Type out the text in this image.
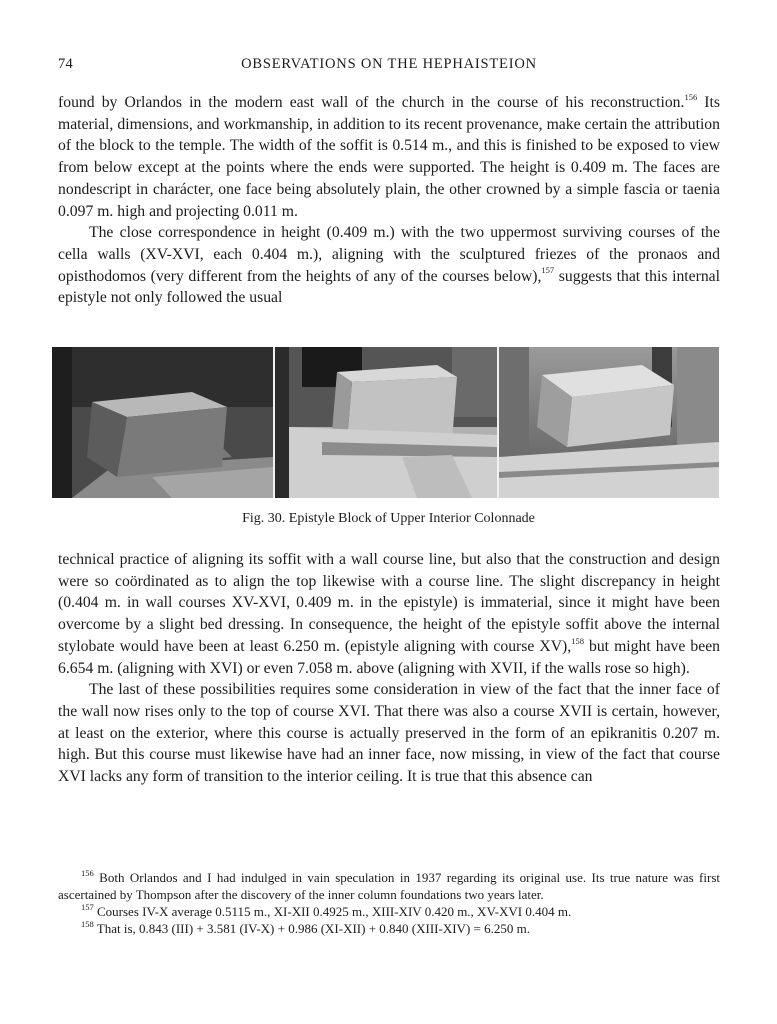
74	OBSERVATIONS ON THE HEPHAISTEION

found by Orlandos in the modern east wall of the church in the course of his reconstruction.$^{156}$ Its material, dimensions, and workmanship, in addition to its recent provenance, make certain the attribution of the block to the temple. The width of the soffit is 0.514 m., and this is finished to be exposed to view from below except at the points where the ends were supported. The height is 0.409 m. The faces are nondescript in charácter, one face being absolutely plain, the other crowned by a simple fascia or taenia 0.097 m. high and projecting 0.011 m.

The close correspondence in height (0.409 m.) with the two uppermost surviving courses of the cella walls (XV-XVI, each 0.404 m.), aligning with the sculptured friezes of the pronaos and opisthodomos (very different from the heights of any of the courses below),$^{157}$ suggests that this internal epistyle not only followed the usual

Fig. 30. Epistyle Block of Upper Interior Colonnade

technical practice of aligning its soffit with a wall course line, but also that the construction and design were so coördinated as to align the top likewise with a course line. The slight discrepancy in height (0.404 m. in wall courses XV-XVI, 0.409 m. in the epistyle) is immaterial, since it might have been overcome by a slight bed dressing. In consequence, the height of the epistyle soffit above the internal stylobate would have been at least 6.250 m. (epistyle aligning with course XV),$^{158}$ but might have been 6.654 m. (aligning with XVI) or even 7.058 m. above (aligning with XVII, if the walls rose so high).

The last of these possibilities requires some consideration in view of the fact that the inner face of the wall now rises only to the top of course XVI. That there was also a course XVII is certain, however, at least on the exterior, where this course is actually preserved in the form of an epikranitis 0.207 m. high. But this course must likewise have had an inner face, now missing, in view of the fact that course XVI lacks any form of transition to the interior ceiling. It is true that this absence can

$^{156}$ Both Orlandos and I had indulged in vain speculation in 1937 regarding its original use. Its true nature was first ascertained by Thompson after the discovery of the inner column foundations two years later.

$^{157}$ Courses IV-X average 0.5115 m., XI-XII 0.4925 m., XIII-XIV 0.420 m., XV-XVI 0.404 m.

$^{158}$ That is, 0.843 (III) + 3.581 (IV-X) + 0.986 (XI-XII) + 0.840 (XIII-XIV) = 6.250 m.
